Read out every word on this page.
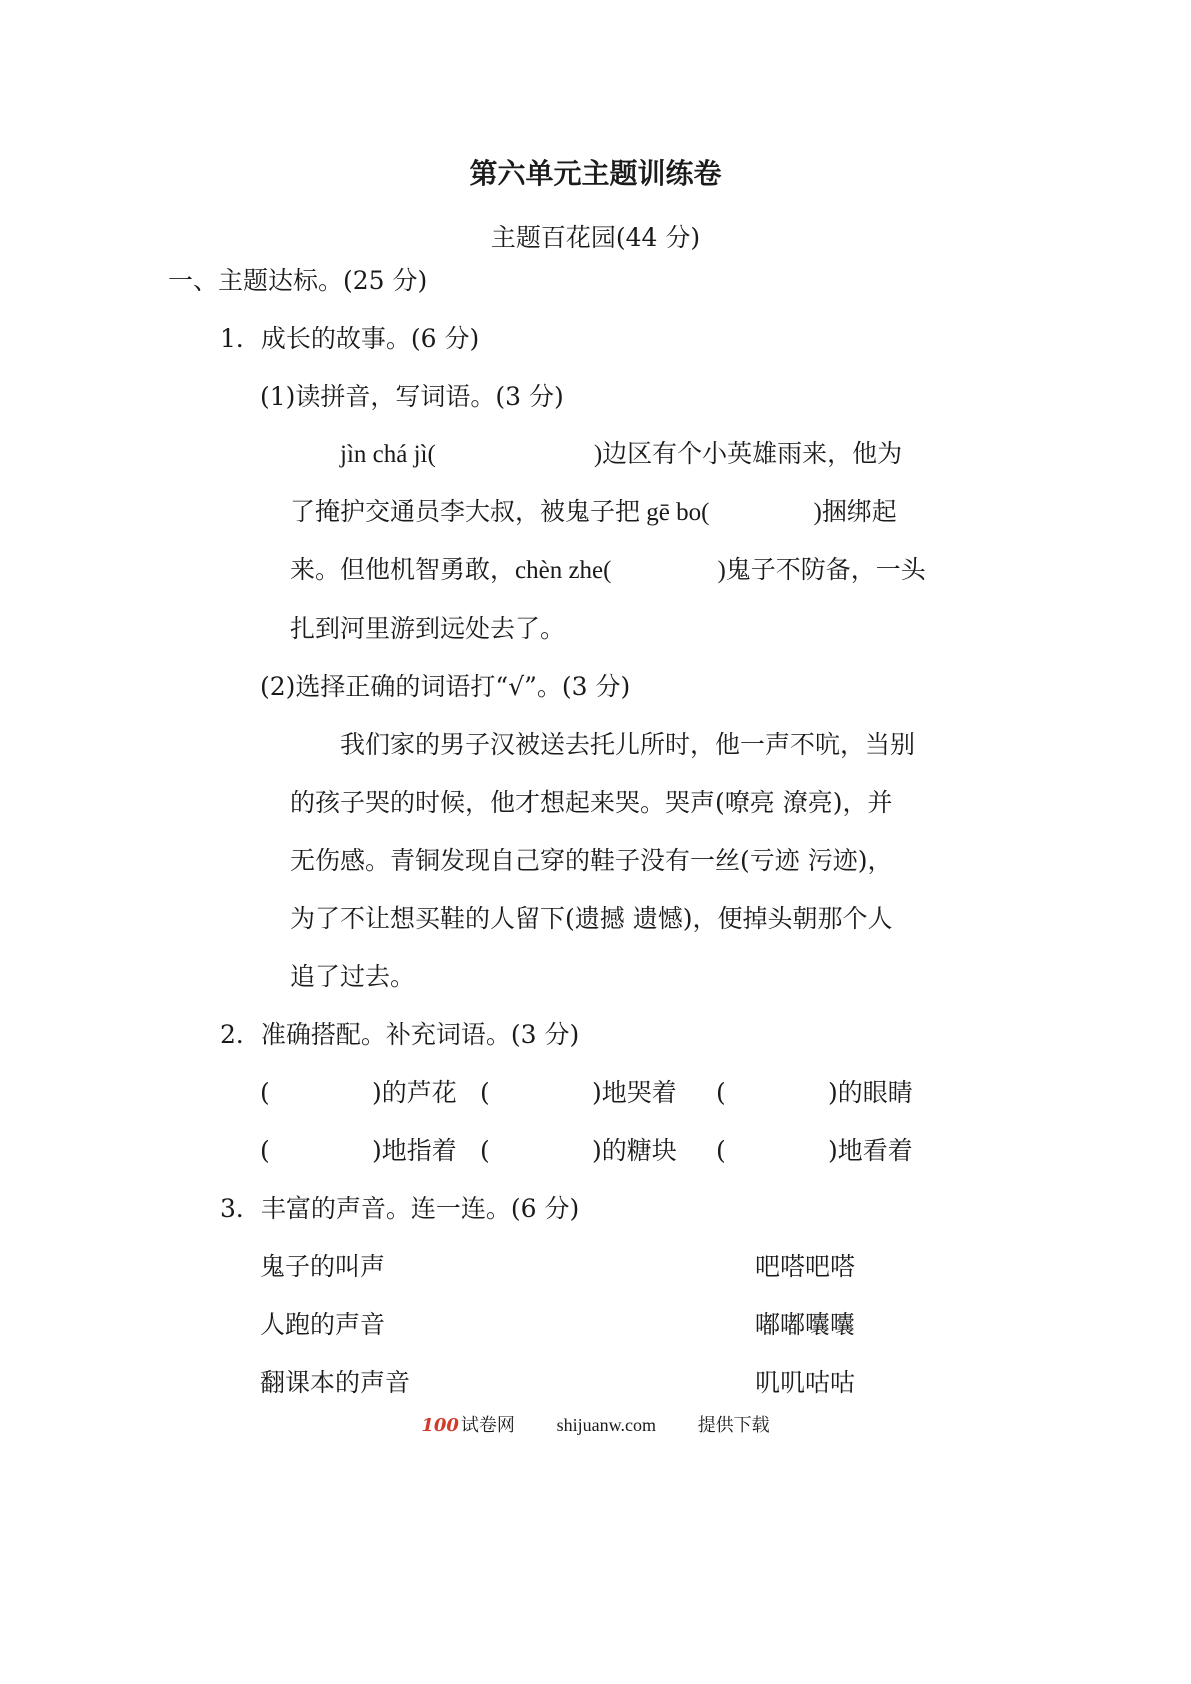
第六单元主题训练卷
主题百花园(44 分)
一、主题达标。(25 分)
1．成长的故事。(6 分)
(1)读拼音，写词语。(3 分)
jìn chá jì(	)边区有个小英雄雨来，他为
了掩护交通员李大叔，被鬼子把 gē bo(	)捆绑起
来。但他机智勇敢，chèn zhe(	)鬼子不防备，一头
扎到河里游到远处去了。
(2)选择正确的词语打“√”。(3 分)
我们家的男子汉被送去托儿所时，他一声不吭，当别
的孩子哭的时候，他才想起来哭。哭声(嘹亮 潦亮)，并
无伤感。青铜发现自己穿的鞋子没有一丝(亏迹 污迹)，
为了不让想买鞋的人留下(遗撼 遗憾)，便掉头朝那个人
追了过去。
2．准确搭配。补充词语。(3 分)
(	)的芦花 (	)地哭着 (	)的眼睛
(	)地指着 (	)的糖块 (	)地看着
3．丰富的声音。连一连。(6 分)
鬼子的叫声	吧嗒吧嗒
人跑的声音	嘟嘟囔囔
翻课本的声音	叽叽咕咕
100 试卷网 shijuanw.com 提供下载
